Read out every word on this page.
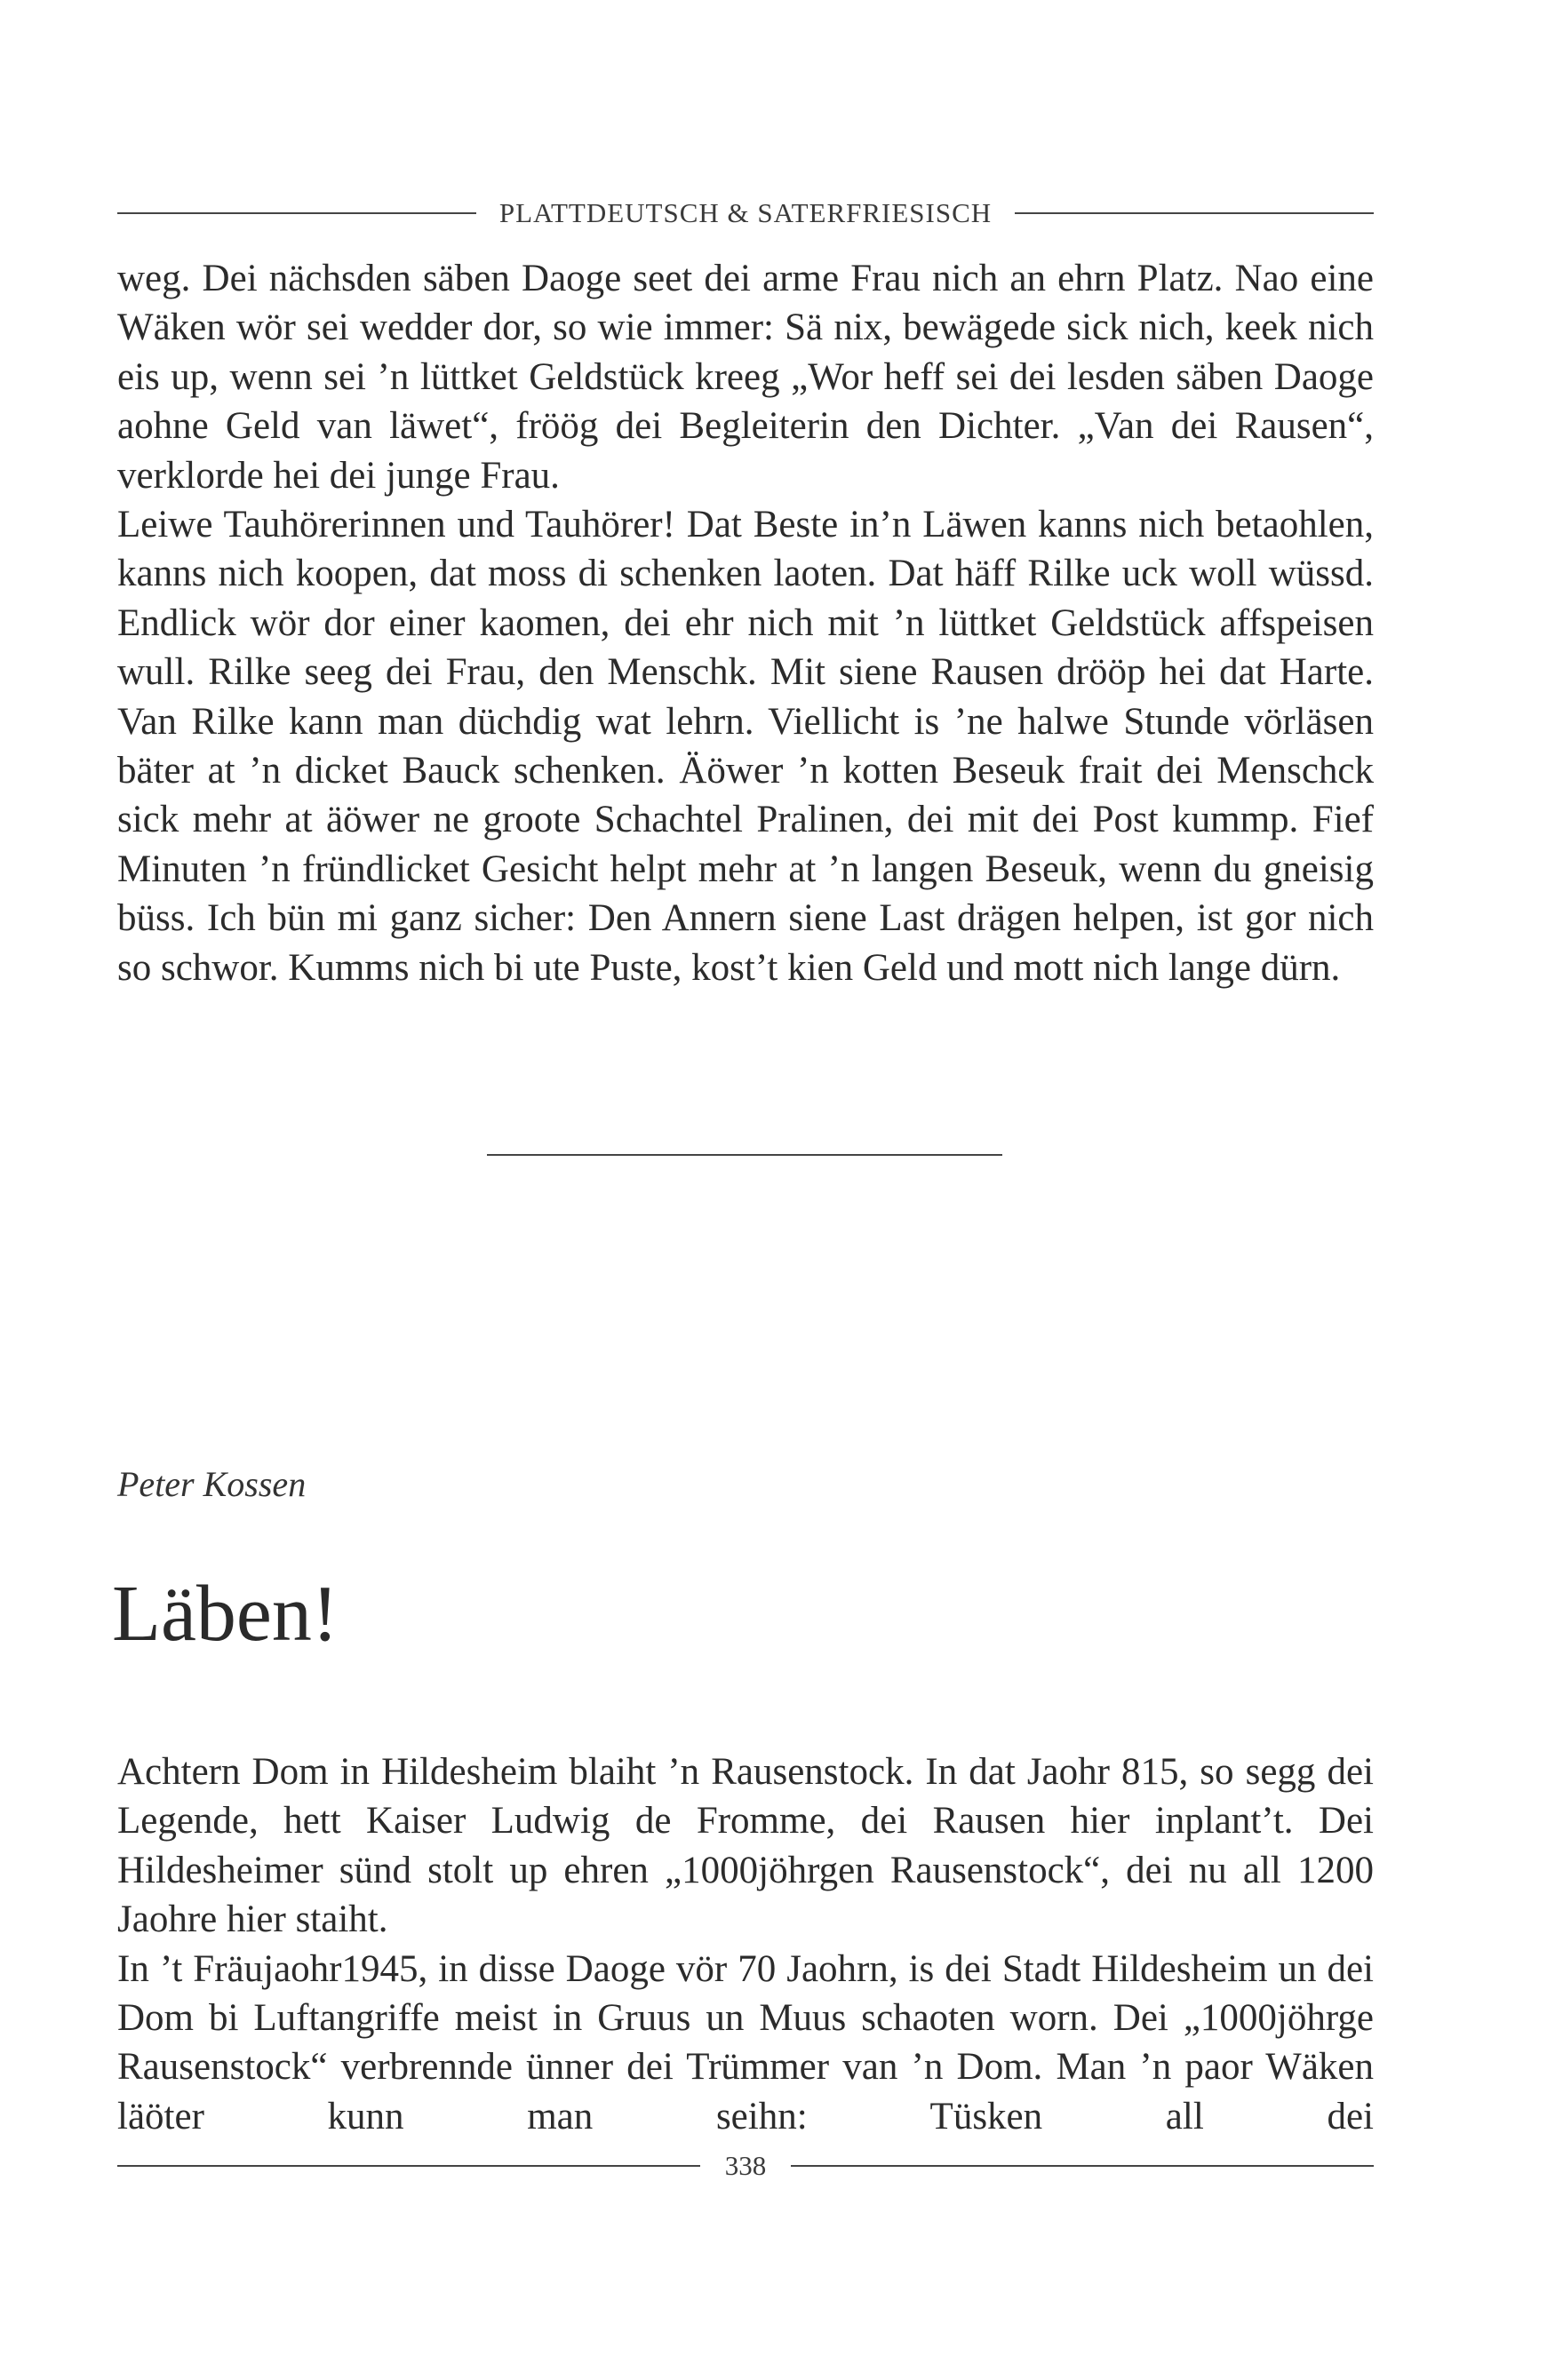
PLATTDEUTSCH & SATERFRIESISCH

weg. Dei nächsden säben Daoge seet dei arme Frau nich an ehrn Platz. Nao eine Wäken wör sei wedder dor, so wie immer: Sä nix, bewägede sick nich, keek nich eis up, wenn sei ’n lüttket Geldstück kreeg „Wor heff sei dei lesden säben Daoge aohne Geld van läwet“, fröög dei Begleiterin den Dichter. „Van dei Rausen“, verklorde hei dei junge Frau.

Leiwe Tauhörerinnen und Tauhörer! Dat Beste in’n Läwen kanns nich betaohlen, kanns nich koopen, dat moss di schenken laoten. Dat häff Rilke uck woll wüssd. Endlick wör dor einer kaomen, dei ehr nich mit ’n lüttket Geldstück affspeisen wull. Rilke seeg dei Frau, den Menschk. Mit siene Rausen drööp hei dat Harte. Van Rilke kann man düchdig wat lehrn. Viellicht is ’ne halwe Stunde vörläsen bäter at ’n dicket Bauck schenken. Äöwer ’n kotten Beseuk frait dei Menschck sick mehr at äöwer ne groote Schachtel Pralinen, dei mit dei Post kummp. Fief Minuten ’n fründlicket Gesicht helpt mehr at ’n langen Beseuk, wenn du gneisig büss. Ich bün mi ganz sicher: Den Annern siene Last drägen helpen, ist gor nich so schwor. Kumms nich bi ute Puste, kost’t kien Geld und mott nich lange dürn.

Peter Kossen
Läben!

Achtern Dom in Hildesheim blaiht ’n Rausenstock. In dat Jaohr 815, so segg dei Legende, hett Kaiser Ludwig de Fromme, dei Rausen hier inplant’t. Dei Hildesheimer sünd stolt up ehren „1000jöhrgen Rausenstock“, dei nu all 1200 Jaohre hier staiht.

In ’t Fräujaohr1945, in disse Daoge vör 70 Jaohrn, is dei Stadt Hildesheim un dei Dom bi Luftangriffe meist in Gruus un Muus schaoten worn. Dei „1000jöhrge Rausenstock“ verbrennde ünner dei Trümmer van ’n Dom. Man ’n paor Wäken läöter kunn man seihn: Tüsken all dei

338
